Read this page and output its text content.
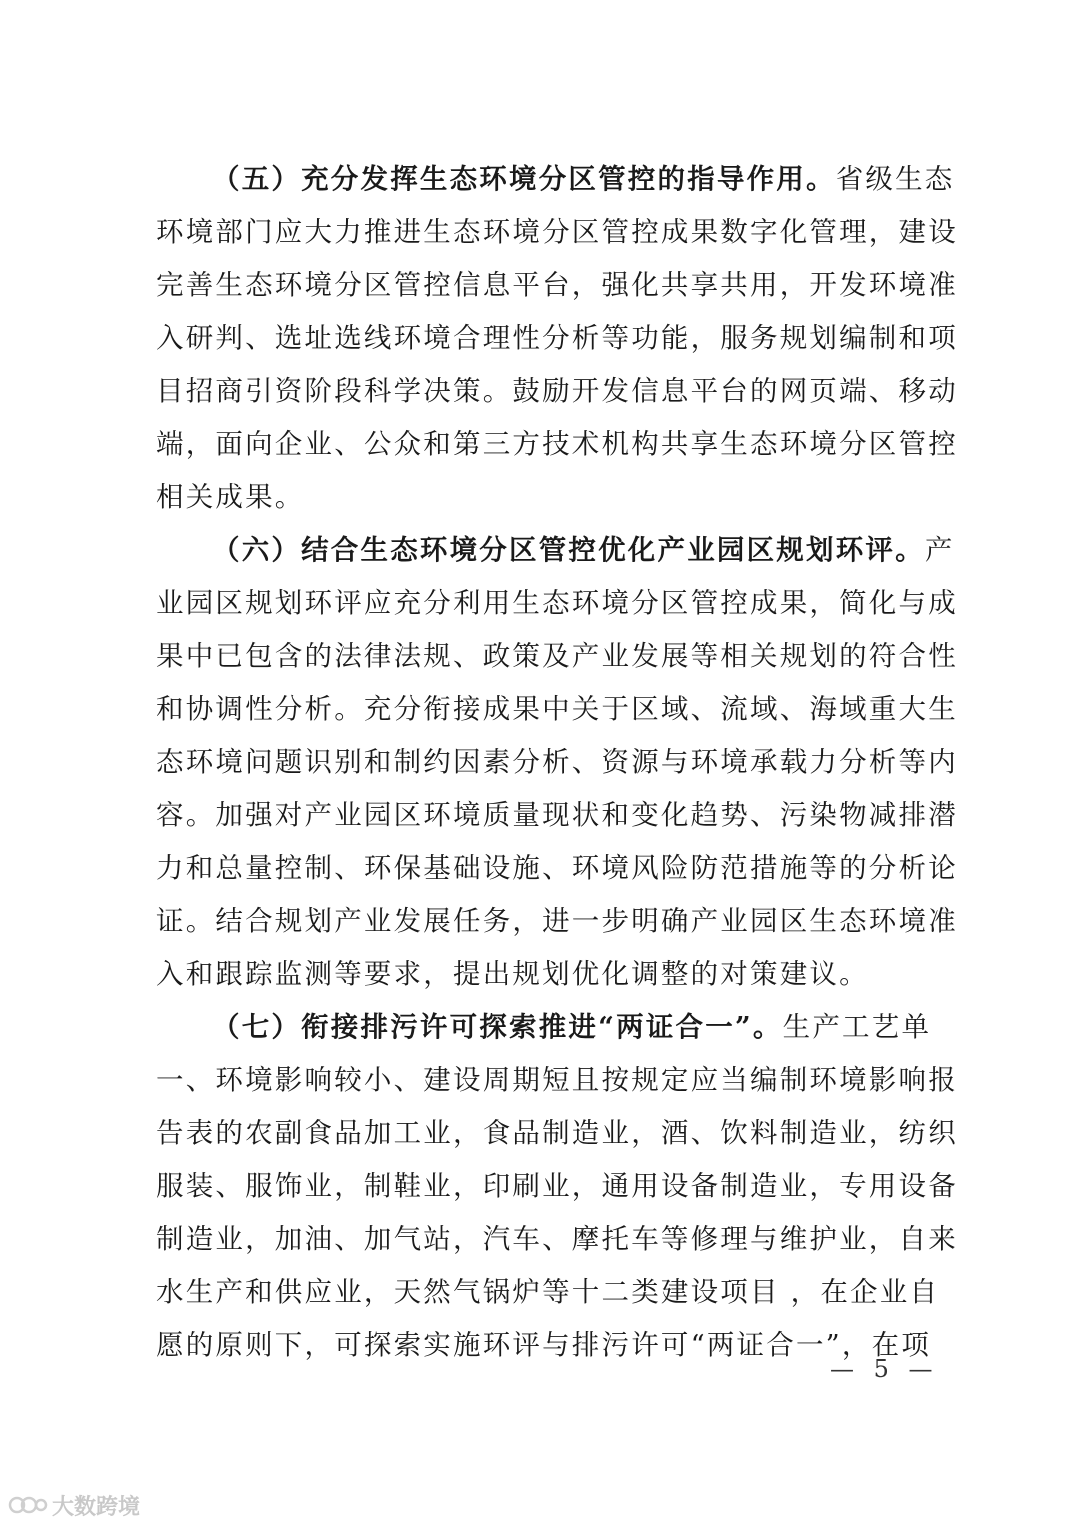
（五）充分发挥生态环境分区管控的指导作用。省级生态
环境部门应大力推进生态环境分区管控成果数字化管理，建设
完善生态环境分区管控信息平台，强化共享共用，开发环境准
入研判、选址选线环境合理性分析等功能，服务规划编制和项
目招商引资阶段科学决策。鼓励开发信息平台的网页端、移动
端，面向企业、公众和第三方技术机构共享生态环境分区管控
相关成果。
（六）结合生态环境分区管控优化产业园区规划环评。产
业园区规划环评应充分利用生态环境分区管控成果，简化与成
果中已包含的法律法规、政策及产业发展等相关规划的符合性
和协调性分析。充分衔接成果中关于区域、流域、海域重大生
态环境问题识别和制约因素分析、资源与环境承载力分析等内
容。加强对产业园区环境质量现状和变化趋势、污染物减排潜
力和总量控制、环保基础设施、环境风险防范措施等的分析论
证。结合规划产业发展任务，进一步明确产业园区生态环境准
入和跟踪监测等要求，提出规划优化调整的对策建议。
（七）衔接排污许可探索推进“两证合一”。生产工艺单
一、环境影响较小、建设周期短且按规定应当编制环境影响报
告表的农副食品加工业，食品制造业，酒、饮料制造业，纺织
服装、服饰业，制鞋业，印刷业，通用设备制造业，专用设备
制造业，加油、加气站，汽车、摩托车等修理与维护业，自来
水生产和供应业，天然气锅炉等十二类建设项目 ，在企业自
愿的原则下，可探索实施环评与排污许可“两证合一”，在项
— 5 —
大数跨境
